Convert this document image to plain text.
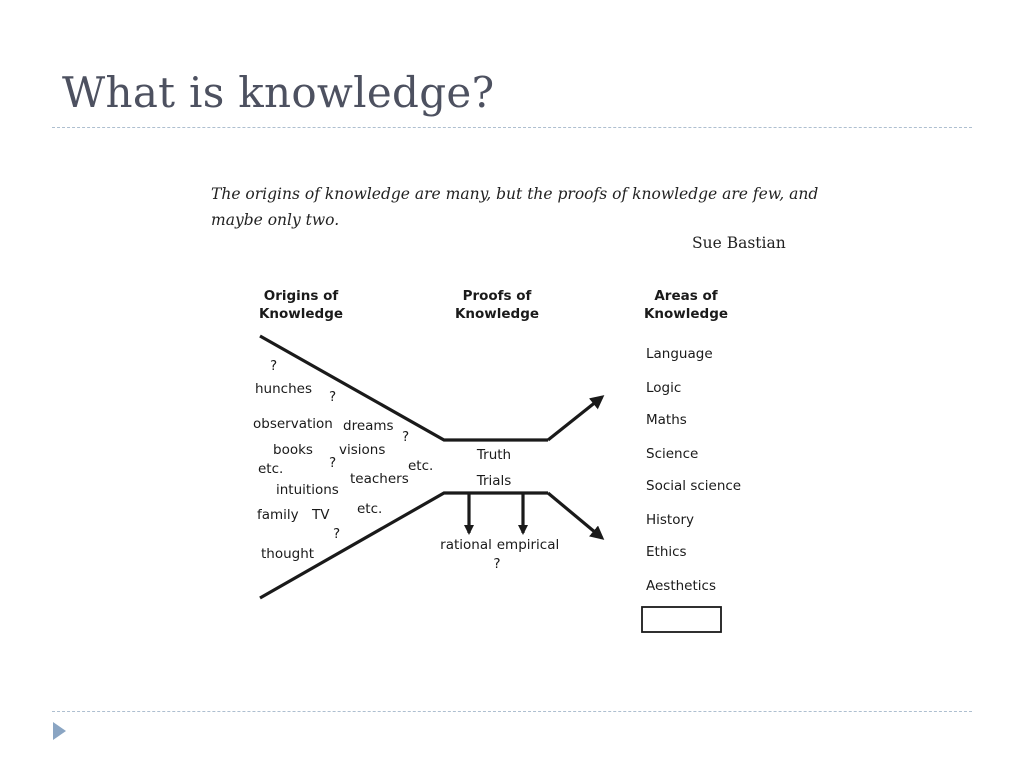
What is knowledge?
The origins of knowledge are many, but the proofs of knowledge are few, and
maybe only two.
Sue Bastian
Origins of
Knowledge
Proofs of
Knowledge
Areas of
Knowledge
?
hunches ?
observation dreams
?
books visions
etc.
etc.	?
teachers
intuitions
etc.
family TV
?
thought
Truth
Trials
rational empirical
?
Language
Logic
Maths
Science
Social science
History
Ethics
Aesthetics
